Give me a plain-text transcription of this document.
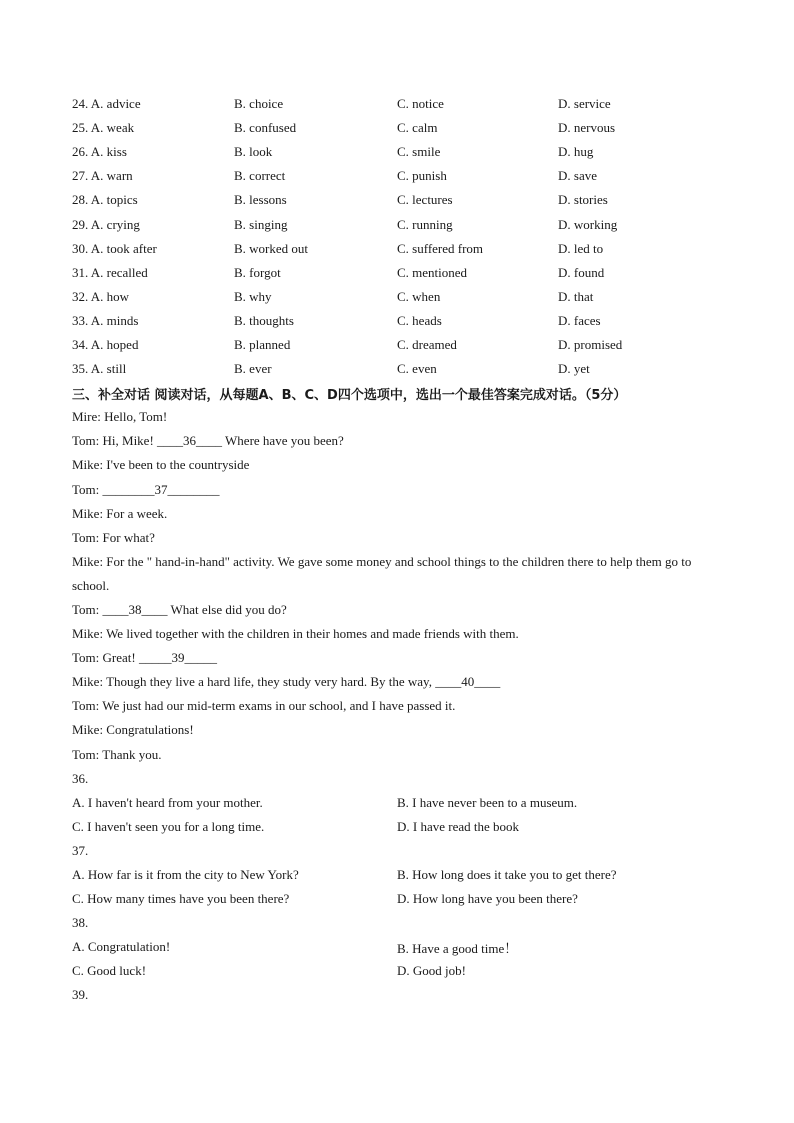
24. A. advice	B. choice	C. notice	D. service
25. A. weak	B. confused	C. calm	D. nervous
26. A. kiss	B. look	C. smile	D. hug
27. A. warn	B. correct	C. punish	D. save
28. A. topics	B. lessons	C. lectures	D. stories
29. A. crying	B. singing	C. running	D. working
30. A. took after	B. worked out	C. suffered from	D. led to
31. A. recalled	B. forgot	C. mentioned	D. found
32. A. how	B. why	C. when	D. that
33. A. minds	B. thoughts	C. heads	D. faces
34. A. hoped	B. planned	C. dreamed	D. promised
35. A. still	B. ever	C. even	D. yet
三、补全对话 阅读对话，从每题A、B、C、D四个选项中，选出一个最佳答案完成对话。（5分）
Mire: Hello, Tom!
Tom: Hi, Mike! ____36____ Where have you been?
Mike: I've been to the countryside
Tom: ________37________
Mike: For a week.
Tom: For what?
Mike: For the " hand-in-hand" activity. We gave some money and school things to the children there to help them go to school.
Tom: ____38____ What else did you do?
Mike: We lived together with the children in their homes and made friends with them.
Tom: Great! _____39_____
Mike: Though they live a hard life, they study very hard. By the way, ____40____
Tom: We just had our mid-term exams in our school, and I have passed it.
Mike: Congratulations!
Tom: Thank you.
36.
A. I haven't heard from your mother.	B. I have never been to a museum.
C. I haven't seen you for a long time.	D. I have read the book
37.
A. How far is it from the city to New York?	B. How long does it take you to get there?
C. How many times have you been there?	D. How long have you been there?
38.
A. Congratulation!	B. Have a good time！
C. Good luck!	D. Good job!
39.
